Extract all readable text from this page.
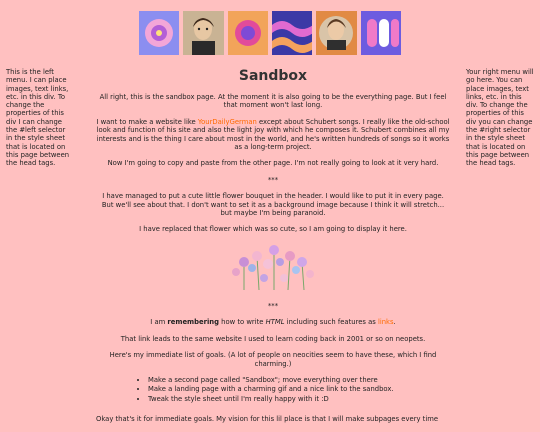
This is the left menu. I can place images, text links, etc. in this div. To change the properties of this div I can change the #left selector in the style sheet that is located on this page between the head tags.
Your right menu will go here. You can place images, text links, etc. in this div. To change the properties of this div you can change the #right selector in the style sheet that is located on this page between the head tags.
Sandbox

All right, this is the sandbox page. At the moment it is also going to be the everything page. But I feel that moment won't last long.

I want to make a website like YourDailyGerman except about Schubert songs. I really like the old-school look and function of his site and also the light joy with which he composes it. Schubert combines all my interests and is the thing I care about most in the world, and he's written hundreds of songs so it works as a long-term project.

Now I'm going to copy and paste from the other page. I'm not really going to look at it very hard.

***

I have managed to put a cute little flower bouquet in the header. I would like to put it in every page. But we'll see about that. I don't want to set it as a background image because I think it will stretch... but maybe I'm being paranoid.

I have replaced that flower which was so cute, so I am going to display it here.

***

I am remembering how to write HTML including such features as links.

That link leads to the same website I used to learn coding back in 2001 or so on neopets.

Here's my immediate list of goals. (A lot of people on neocities seem to have these, which I find charming.)

• Make a second page called "Sandbox"; move everything over there
• Make a landing page with a charming gif and a nice link to the sandbox.
• Tweak the style sheet until I'm really happy with it :D

Okay that's it for immediate goals. My vision for this lil place is that I will make subpages every time
